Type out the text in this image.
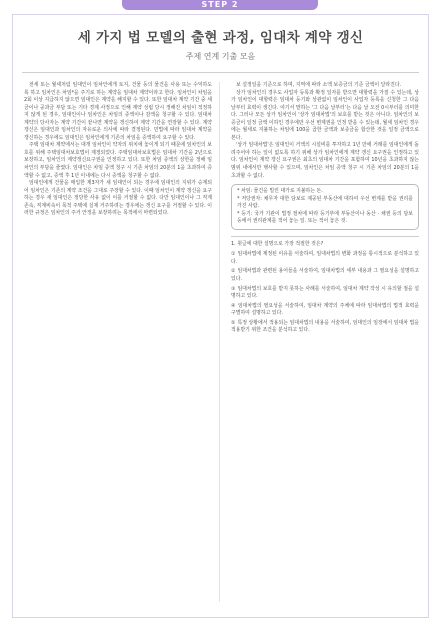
STEP 2
세 가지 법 모델의 출현 과정, 임대차 계약 갱신
주제 연계 기출 모음

전세 또는 월세처럼 임대인이 임차인에게 토지, 건물 등의 물건을 사용 또는 수익하도록 하고 임차인은 차임*을 주기로 하는 계약을 임대차 계약이라고 한다. 임차인이 차임을 2회 이상 지급하지 않으면 임대인은 계약을 해지할 수 있다. 또한 임대차 계약 기간 중 세금이나 공과금 부담 또는 기타 경제 사정으로 인해 계약 성립 당시 정해진 차임이 적정하지 않게 된 경우, 임대인이나 임차인은 차임의 증액이나 감액을 청구할 수 있다. 임대차 계약의 당사자는 계약 기간이 끝나면 계약을 갱신하여 계약 기간을 연장할 수 있다. 계약 갱신은 임대인과 임차인의 자유로운 의사에 따라 결정된다. 민법에 따라 임대차 계약을 갱신하는 경우에도 임대인은 임차인에게 기존의 차임을 증액하여 요구할 수 있다.

주택 임대차 계약에서는 대개 임차인이 약자의 위치에 놓이게 되기 때문에 임차인의 보호를 위해 주택임대차보호법이 제정되었다. 주택임대차보호법은 임대차 기간을 2년으로 보장하고, 임차인의 계약갱신요구권을 인정하고 있다. 또한 차임 증액의 상한을 정해 임차인의 부담을 줄였다. 임대인은 차임 증액 청구 시 기존 차임의 20분의 1을 초과하여 증액할 수 없고, 증액 후 1년 이내에는 다시 증액을 청구할 수 없다.

임대인에게 건물을 매입한 제3자가 새 임대인이 되는 경우에 임대인의 지위가 승계되어 임차인은 기존의 계약 조건을 그대로 주장할 수 있다. 이때 임차인이 계약 갱신을 요구하는 경우 새 임대인은 정당한 사유 없이 이를 거절할 수 없다. 다만 임대인이나 그 직계존속, 직계비속이 목적 주택에 실제 거주하려는 경우에는 갱신 요구를 거절할 수 있다. 이러한 규정은 임차인의 주거 안정을 보장하려는 목적에서 마련되었다.

보 설정일을 기준으로 하며, 지역에 따라 소액 보증금의 기준 금액이 달라진다.

상가 임차인의 경우도 사업자 등록과 확정 일자를 받으면 대항력을 가질 수 있는데, 상가 임차인이 대항력은 임대차 등기와 상관없이 임차인이 사업자 등록을 신청한 그 다음 날부터 효력이 생긴다. 여기서 말하는 '그 다음 날부터'는 다음 날 오전 0시부터를 의미한다. 그러나 모든 상가 임차인이 '상가 임대차법'의 보호를 받는 것은 아니다. 임차인의 보증금이 일정 금액 이하인 경우에만 우선 변제권을 인정 받을 수 있는데, 월세 임차인 경우에는 월세로 지불하는 차임에 100을 곱한 금액과 보증금을 합산한 것을 일정 금액으로 본다.

'상가 임대차법'은 임대인이 거액의 시설비를 투자하고 1년 만에 거래를 임대인에게 돌려주어야 하는 일이 없도록 하기 위해 상가 임차인에게 계약 갱신 요구권을 인정하고 있다. 임차인이 계약 갱신 요구권은 최초의 임대차 기간을 포함하여 10년을 초과하지 않는 범위 내에서만 행사할 수 있으며, 임차인은 차임 증액 청구 시 기존 차임의 20분의 1을 초과할 수 없다.

* 차임: 물건을 빌린 대가로 지불하는 돈.
* 저당권자: 채무자 대한 담보로 제공된 부동산에 대하여 우선 변제를 받을 권리를 가진 사람.
* 등기: 국가 기관이 법정 절차에 따라 등기부에 부동산이나 동산 · 채권 등의 담보 등에서 권리관계를 적어 놓는 일. 또는 적어 놓은 것.
1. 윗글에 대한 설명으로 가장 적절한 것은?
① 임대차법에 제정된 이유를 서술하여, 임대차법의 변화 과정을 통시적으로 분석하고 있다.
② 임대차법과 관련된 용어들을 서술하여, 임대차법의 세부 내용과 그 필요성을 설명하고 있다.
③ 임대차법의 보호를 받지 못하는 사례를 서술하여, 임대차 계약 작성 시 유의할 점을 설명하고 있다.
④ 임대차법의 필요성을 서술하여, 임대차 계약의 주체에 따라 임대차법의 법적 효력을 구별하여 설명하고 있다.
⑤ 특정 상황에서 적용되는 임대차법의 내용을 서술하여, 임대인의 임장에서 임대차 법을 적용받기 위한 조건을 분석하고 있다.
